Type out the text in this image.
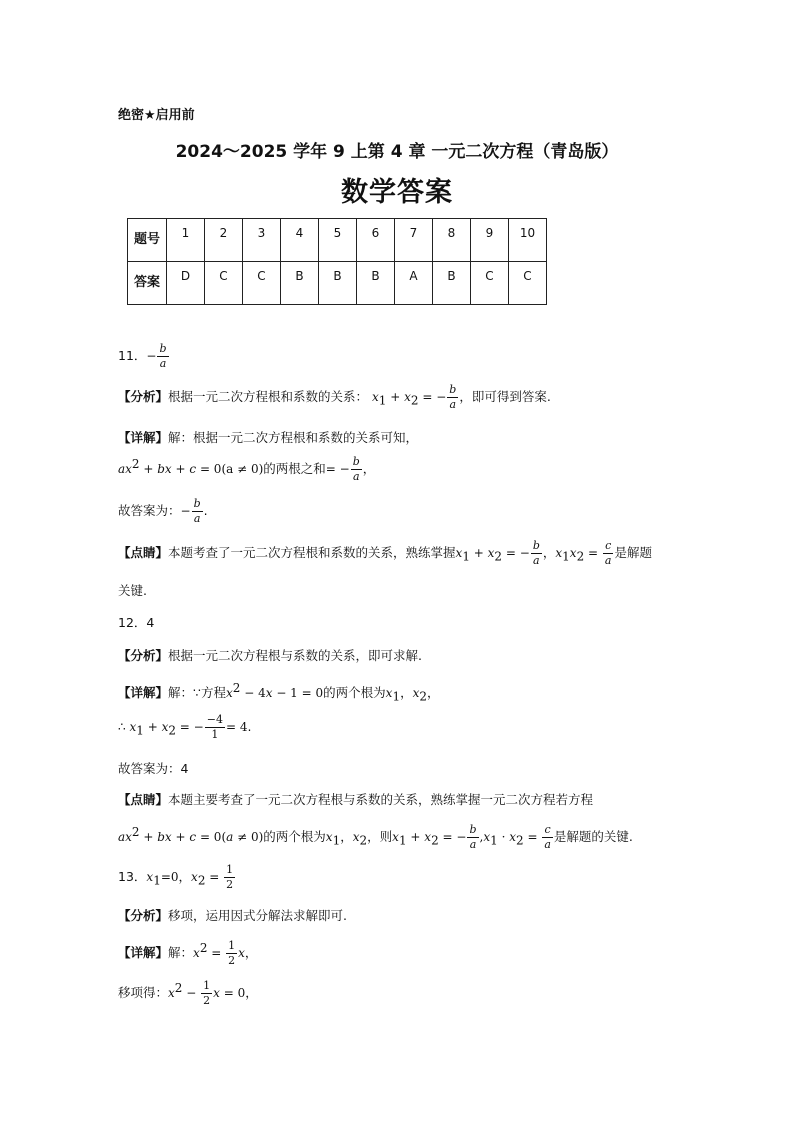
绝密★启用前
2024～2025 学年 9 上第 4 章 一元二次方程（青岛版）
数学答案
题号	1	2	3	4	5	6	7	8	9	10
答案	D	C	C	B	B	B	A	B	C	C
11．− $\frac{b}{a}$
【分析】根据一元二次方程根和系数的关系： $x_1 + x_2$ = − $\frac{b}{a}$ ，即可得到答案.
【详解】解：根据一元二次方程根和系数的关系可知，
$ax^2$ + bx + c = 0(a ≠ 0)的两根之和= − $\frac{b}{a}$ ，
故答案为：− $\frac{b}{a}$ .
【点睛】本题考查了一元二次方程根和系数的关系，熟练掌握$x_1 + x_2$ = − $\frac{b}{a}$ ，$x_1x_2 = \frac{c}{a}$ 是解题
关键.
12．4
【分析】根据一元二次方程根与系数的关系，即可求解.
【详解】解：∵方程$x^2 - 4x - 1 = 0$的两个根为$x_1$，$x_2$，
∴ $x_1 + x_2$ = − $\frac{-4}{1} = 4$.
故答案为：4
【点睛】本题主要考查了一元二次方程根与系数的关系，熟练掌握一元二次方程若方程
$ax^2$ + bx + c = 0(a ≠ 0)的两个根为$x_1$，$x_2$，则$x_1 + x_2$ = − $\frac{b}{a} ,x_1 \cdot x_2 = \frac{c}{a}$ 是解题的关键.
13．$x_1=0$，$x_2 = \frac{1}{2}$
【分析】移项，运用因式分解法求解即可.
【详解】解：$x^2 = \frac{1}{2}$ x，
移项得：$x^2 - \frac{1}{2}$ x = 0，
